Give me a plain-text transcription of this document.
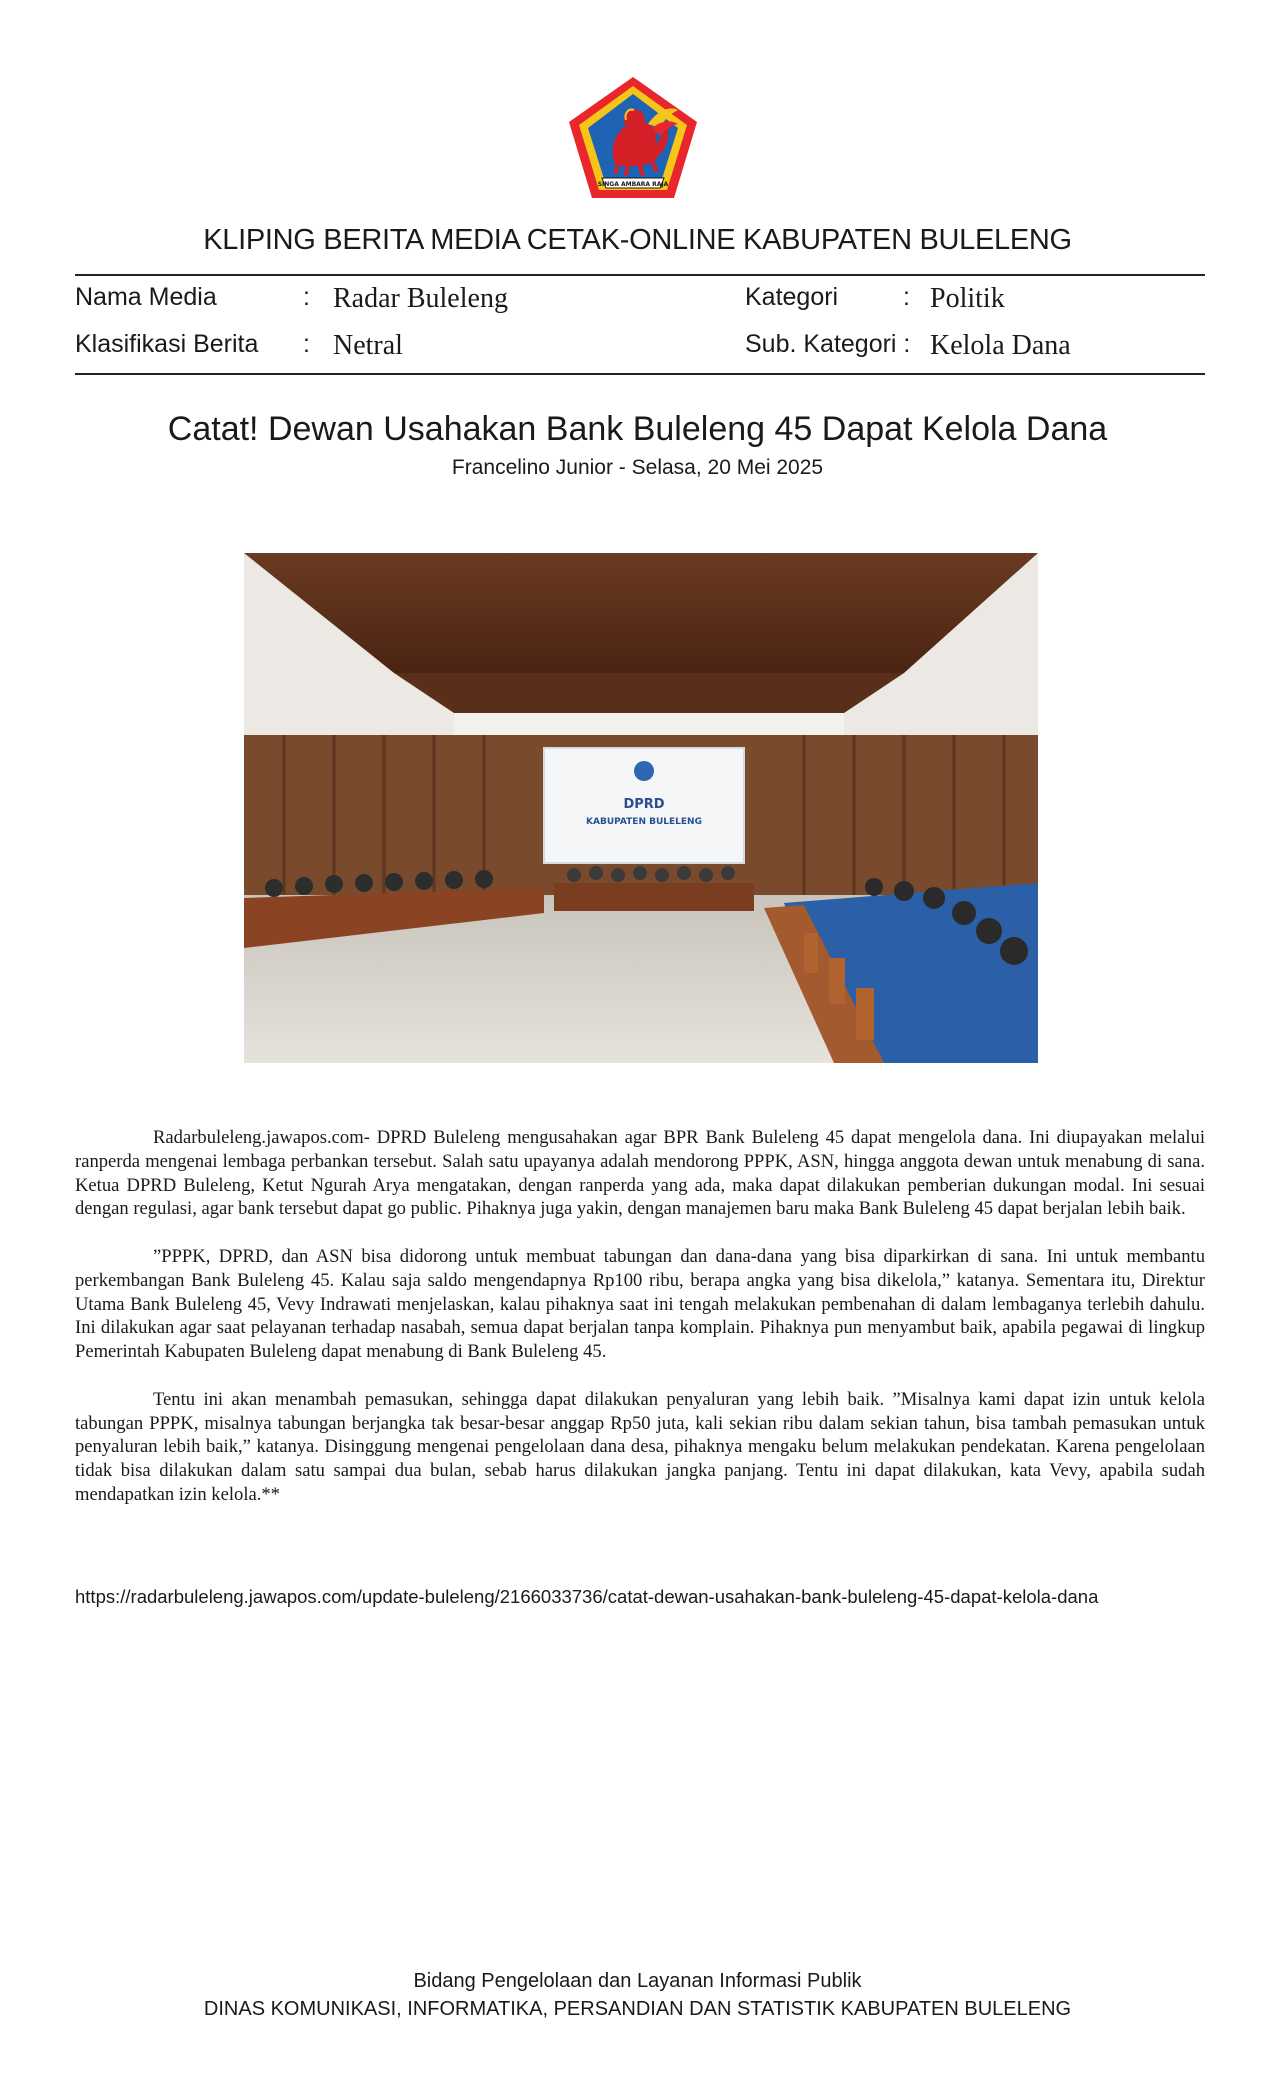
SINGA AMBARA RAJA
KLIPING BERITA MEDIA CETAK-ONLINE KABUPATEN BULELENG
Nama Media	: Radar Buleleng	Kategori	: Politik
Klasifikasi Berita : Netral	Sub. Kategori : Kelola Dana
Catat! Dewan Usahakan Bank Buleleng 45 Dapat Kelola Dana
Francelino Junior - Selasa, 20 Mei 2025
DPRD
KABUPATEN BULELENG

Radarbuleleng.jawapos.com- DPRD Buleleng mengusahakan agar BPR Bank Buleleng 45 dapat mengelola dana. Ini diupayakan melalui ranperda mengenai lembaga perbankan tersebut. Salah satu upayanya adalah mendorong PPPK, ASN, hingga anggota dewan untuk menabung di sana. Ketua DPRD Buleleng, Ketut Ngurah Arya mengatakan, dengan ranperda yang ada, maka dapat dilakukan pemberian dukungan modal. Ini sesuai dengan regulasi, agar bank tersebut dapat go public. Pihaknya juga yakin, dengan manajemen baru maka Bank Buleleng 45 dapat berjalan lebih baik.

”PPPK, DPRD, dan ASN bisa didorong untuk membuat tabungan dan dana-dana yang bisa diparkirkan di sana. Ini untuk membantu perkembangan Bank Buleleng 45. Kalau saja saldo mengendapnya Rp100 ribu, berapa angka yang bisa dikelola,” katanya. Sementara itu, Direktur Utama Bank Buleleng 45, Vevy Indrawati menjelaskan, kalau pihaknya saat ini tengah melakukan pembenahan di dalam lembaganya terlebih dahulu. Ini dilakukan agar saat pelayanan terhadap nasabah, semua dapat berjalan tanpa komplain. Pihaknya pun menyambut baik, apabila pegawai di lingkup Pemerintah Kabupaten Buleleng dapat menabung di Bank Buleleng 45.

Tentu ini akan menambah pemasukan, sehingga dapat dilakukan penyaluran yang lebih baik. ”Misalnya kami dapat izin untuk kelola tabungan PPPK, misalnya tabungan berjangka tak besar-besar anggap Rp50 juta, kali sekian ribu dalam sekian tahun, bisa tambah pemasukan untuk penyaluran lebih baik,” katanya. Disinggung mengenai pengelolaan dana desa, pihaknya mengaku belum melakukan pendekatan. Karena pengelolaan tidak bisa dilakukan dalam satu sampai dua bulan, sebab harus dilakukan jangka panjang. Tentu ini dapat dilakukan, kata Vevy, apabila sudah mendapatkan izin kelola.**

https://radarbuleleng.jawapos.com/update-buleleng/2166033736/catat-dewan-usahakan-bank-buleleng-45-dapat-kelola-dana
Bidang Pengelolaan dan Layanan Informasi Publik
DINAS KOMUNIKASI, INFORMATIKA, PERSANDIAN DAN STATISTIK KABUPATEN BULELENG
